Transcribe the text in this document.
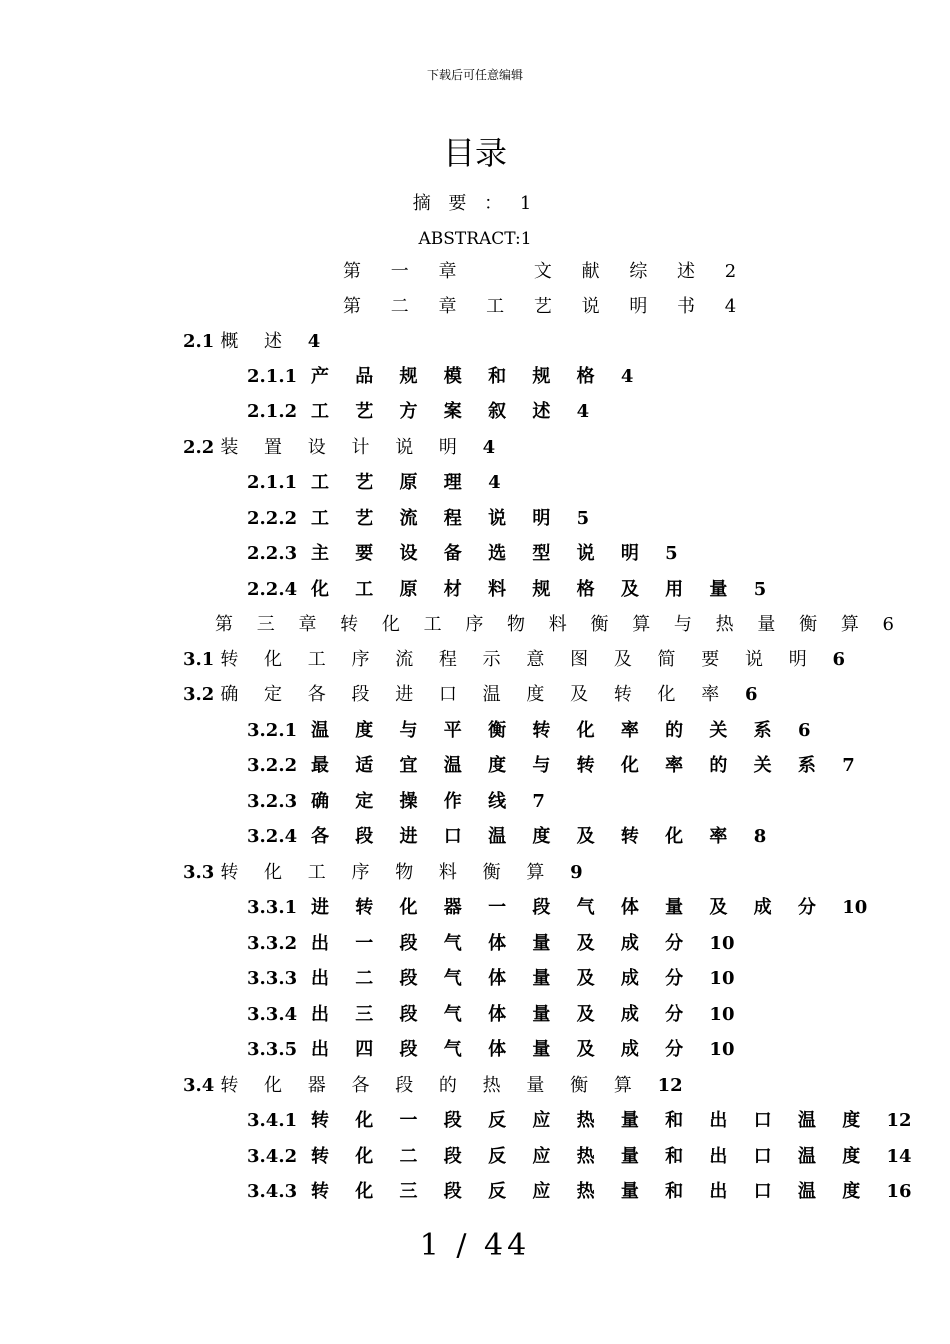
下载后可任意编辑
目录
摘 要 ： 1
ABSTRACT:1
第 一 章 　 文 献 综 述 2
第 二 章 工 艺 说 明 书 4
2.1 概 述 4
2.1.1 产 品 规 模 和 规 格 4
2.1.2 工 艺 方 案 叙 述 4
2.2 装 置 设 计 说 明 4
2.1.1 工 艺 原 理 4
2.2.2 工 艺 流 程 说 明 5
2.2.3 主 要 设 备 选 型 说 明 5
2.2.4 化 工 原 材 料 规 格 及 用 量 5
第 三 章 转 化 工 序 物 料 衡 算 与 热 量 衡 算 6
3.1 转 化 工 序 流 程 示 意 图 及 简 要 说 明 6
3.2 确 定 各 段 进 口 温 度 及 转 化 率 6
3.2.1 温 度 与 平 衡 转 化 率 的 关 系 6
3.2.2 最 适 宜 温 度 与 转 化 率 的 关 系 7
3.2.3 确 定 操 作 线 7
3.2.4 各 段 进 口 温 度 及 转 化 率 8
3.3 转 化 工 序 物 料 衡 算 9
3.3.1 进 转 化 器 一 段 气 体 量 及 成 分 10
3.3.2 出 一 段 气 体 量 及 成 分 10
3.3.3 出 二 段 气 体 量 及 成 分 10
3.3.4 出 三 段 气 体 量 及 成 分 10
3.3.5 出 四 段 气 体 量 及 成 分 10
3.4 转 化 器 各 段 的 热 量 衡 算 12
3.4.1 转 化 一 段 反 应 热 量 和 出 口 温 度 12
3.4.2 转 化 二 段 反 应 热 量 和 出 口 温 度 14
3.4.3 转 化 三 段 反 应 热 量 和 出 口 温 度 16
1 / 44
